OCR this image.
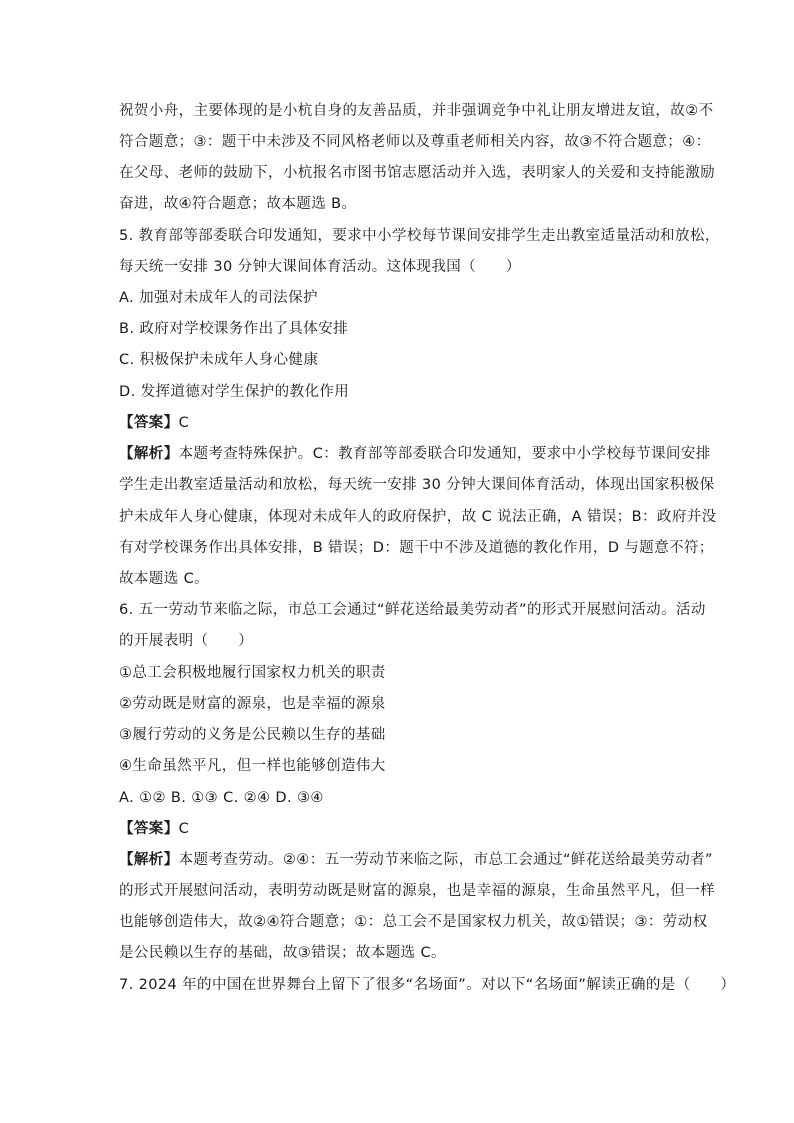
祝贺小舟，主要体现的是小杭自身的友善品质，并非强调竞争中礼让朋友增进友谊，故②不
符合题意；③：题干中未涉及不同风格老师以及尊重老师相关内容，故③不符合题意；④：
在父母、老师的鼓励下，小杭报名市图书馆志愿活动并入选，表明家人的关爱和支持能激励
奋进，故④符合题意；故本题选 B。
5. 教育部等部委联合印发通知，要求中小学校每节课间安排学生走出教室适量活动和放松，
每天统一安排 30 分钟大课间体育活动。这体现我国（　　）
A. 加强对未成年人的司法保护
B. 政府对学校课务作出了具体安排
C. 积极保护未成年人身心健康
D. 发挥道德对学生保护的教化作用
【答案】C
【解析】本题考查特殊保护。C：教育部等部委联合印发通知，要求中小学校每节课间安排
学生走出教室适量活动和放松，每天统一安排 30 分钟大课间体育活动，体现出国家积极保
护未成年人身心健康，体现对未成年人的政府保护，故 C 说法正确，A 错误；B：政府并没
有对学校课务作出具体安排，B 错误；D：题干中不涉及道德的教化作用，D 与题意不符；
故本题选 C。
6. 五一劳动节来临之际，市总工会通过“鲜花送给最美劳动者”的形式开展慰问活动。活动
的开展表明（　　）
①总工会积极地履行国家权力机关的职责
②劳动既是财富的源泉，也是幸福的源泉
③履行劳动的义务是公民赖以生存的基础
④生命虽然平凡，但一样也能够创造伟大
A. ①② B. ①③ C. ②④ D. ③④
【答案】C
【解析】本题考查劳动。②④：五一劳动节来临之际，市总工会通过“鲜花送给最美劳动者”
的形式开展慰问活动，表明劳动既是财富的源泉，也是幸福的源泉，生命虽然平凡，但一样
也能够创造伟大，故②④符合题意；①：总工会不是国家权力机关，故①错误；③：劳动权
是公民赖以生存的基础，故③错误；故本题选 C。
7. 2024 年的中国在世界舞台上留下了很多“名场面”。对以下“名场面”解读正确的是（　　）
